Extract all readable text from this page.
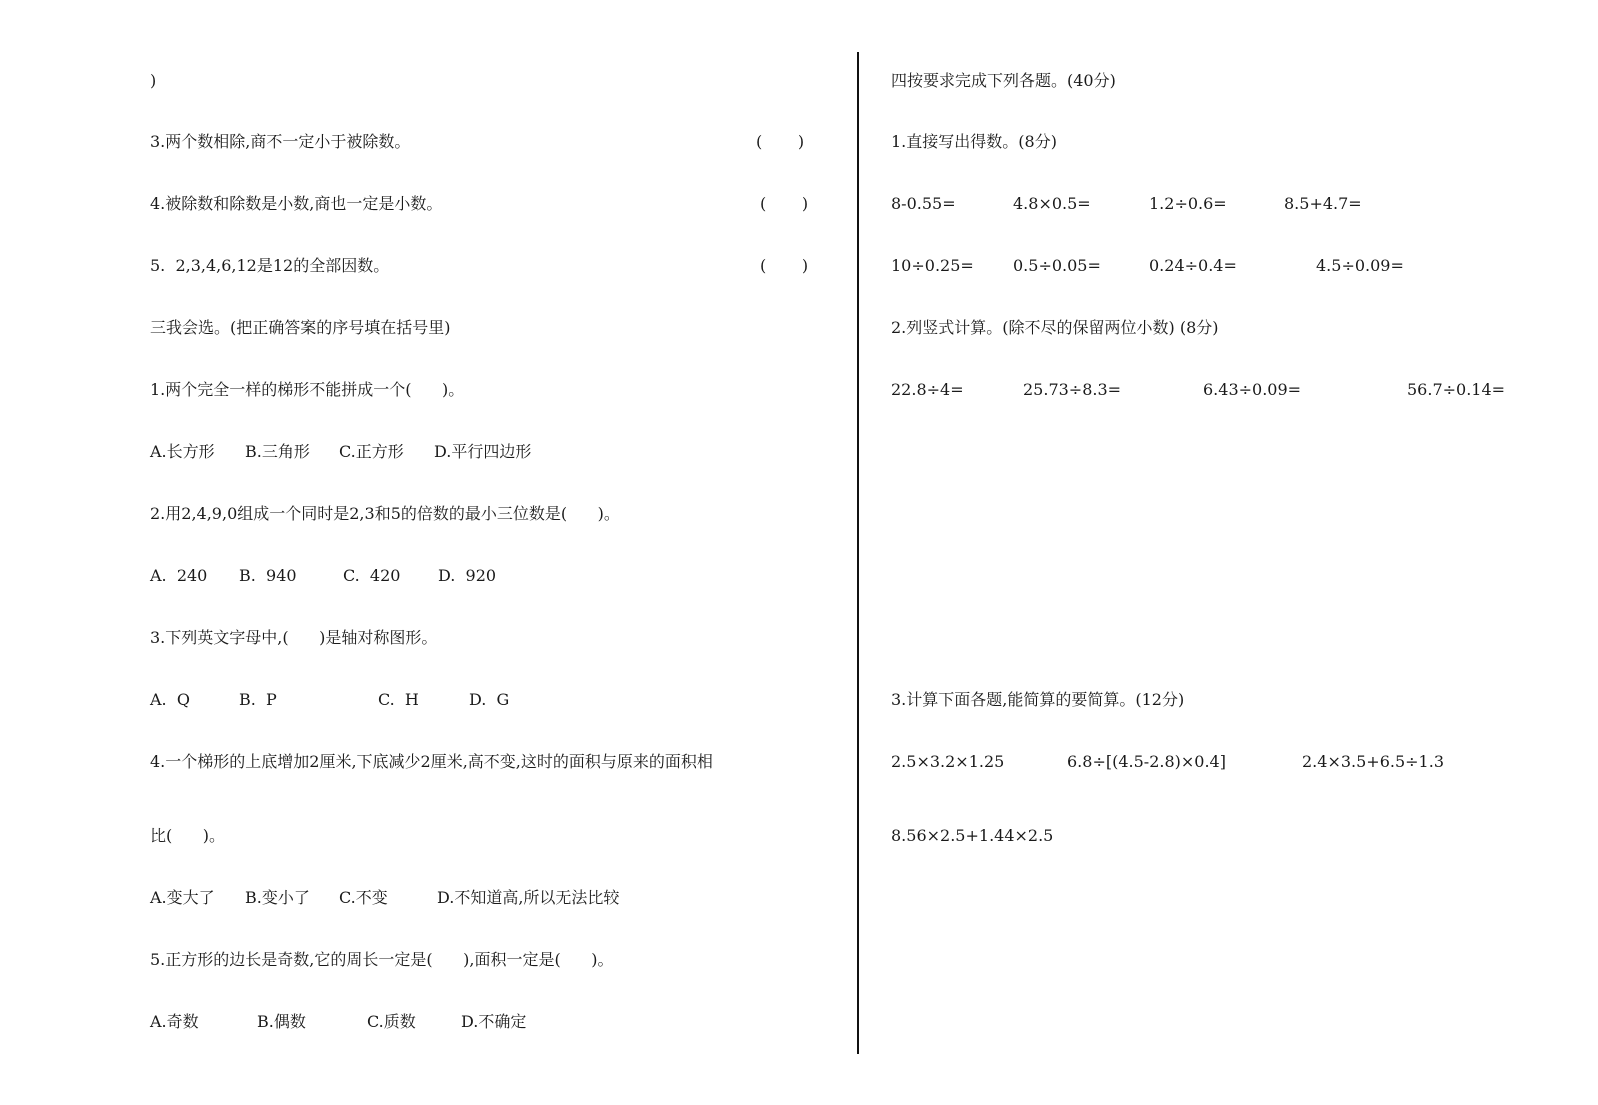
)
3.两个数相除,商不一定小于被除数。	(       )
4.被除数和除数是小数,商也一定是小数。	(       )
5.  2,3,4,6,12是12的全部因数。	(       )
三我会选。(把正确答案的序号填在括号里)
1.两个完全一样的梯形不能拼成一个(      )。
A.长方形 B.三角形 C.正方形 D.平行四边形
2.用2,4,9,0组成一个同时是2,3和5的倍数的最小三位数是(      )。
A.  240 B.  940	C.  420 D.  920
3.下列英文字母中,(      )是轴对称图形。
A.  Q	B.  P	C.  H	D.  G
4.一个梯形的上底增加2厘米,下底减少2厘米,高不变,这时的面积与原来的面积相
比(      )。
A.变大了 B.变小了 C.不变	D.不知道高,所以无法比较
5.正方形的边长是奇数,它的周长一定是(      ),面积一定是(      )。
A.奇数	B.偶数	C.质数	D.不确定
四按要求完成下列各题。(40分)
1.直接写出得数。(8分)
8-0.55=	4.8×0.5=	1.2÷0.6=	8.5+4.7=
10÷0.25= 0.5÷0.05=	0.24÷0.4=	4.5÷0.09=
2.列竖式计算。(除不尽的保留两位小数) (8分)
22.8÷4=	25.73÷8.3=	6.43÷0.09=	56.7÷0.14=
3.计算下面各题,能简算的要简算。(12分)
2.5×3.2×1.25	6.8÷[(4.5-2.8)×0.4]	2.4×3.5+6.5÷1.3
8.56×2.5+1.44×2.5
